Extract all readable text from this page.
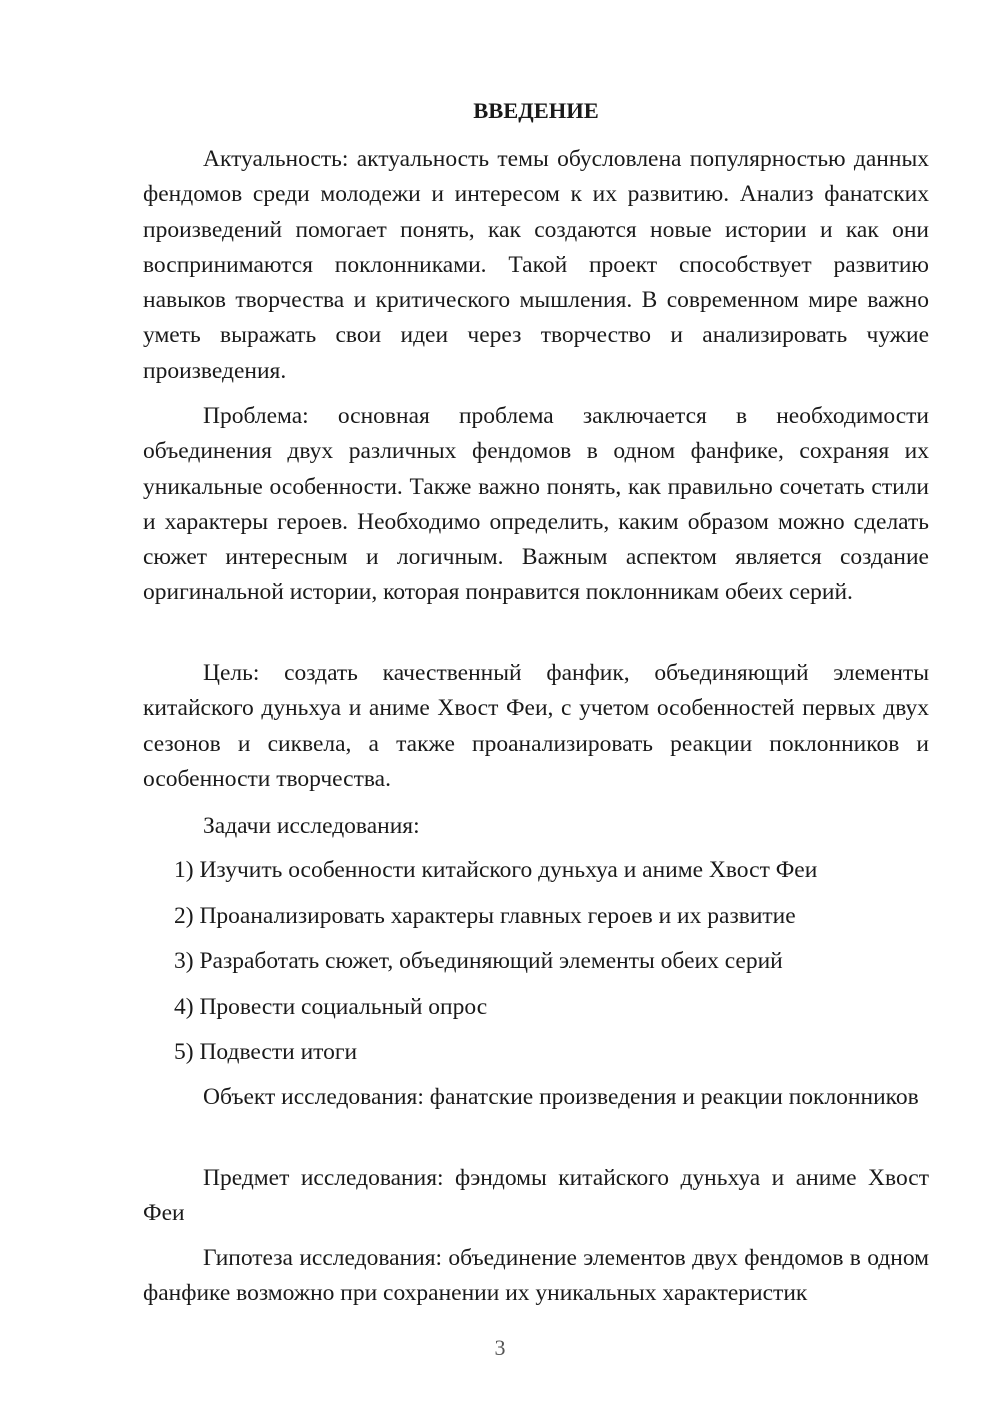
ВВЕДЕНИЕ

Актуальность: актуальность темы обусловлена популярностью данных фендомов среди молодежи и интересом к их развитию. Анализ фанатских произведений помогает понять, как создаются новые истории и как они воспринимаются поклонниками. Такой проект способствует развитию навыков творчества и критического мышления. В современном мире важно уметь выражать свои идеи через творчество и анализировать чужие произведения.

Проблема: основная проблема заключается в необходимости объединения двух различных фендомов в одном фанфике, сохраняя их уникальные особенности. Также важно понять, как правильно сочетать стили и характеры героев. Необходимо определить, каким образом можно сделать сюжет интересным и логичным. Важным аспектом является создание оригинальной истории, которая понравится поклонникам обеих серий.

Цель: создать качественный фанфик, объединяющий элементы китайского дуньхуа и аниме Хвост Феи, с учетом особенностей первых двух сезонов и сиквела, а также проанализировать реакции поклонников и особенности творчества.

Задачи исследования:

1) Изучить особенности китайского дуньхуа и аниме Хвост Феи

2) Проанализировать характеры главных героев и их развитие

3) Разработать сюжет, объединяющий элементы обеих серий

4) Провести социальный опрос

5) Подвести итоги

Объект исследования: фанатские произведения и реакции поклонников

Предмет исследования: фэндомы китайского дуньхуа и аниме Хвост Феи

Гипотеза исследования: объединение элементов двух фендомов в одном фанфике возможно при сохранении их уникальных характеристик

3
